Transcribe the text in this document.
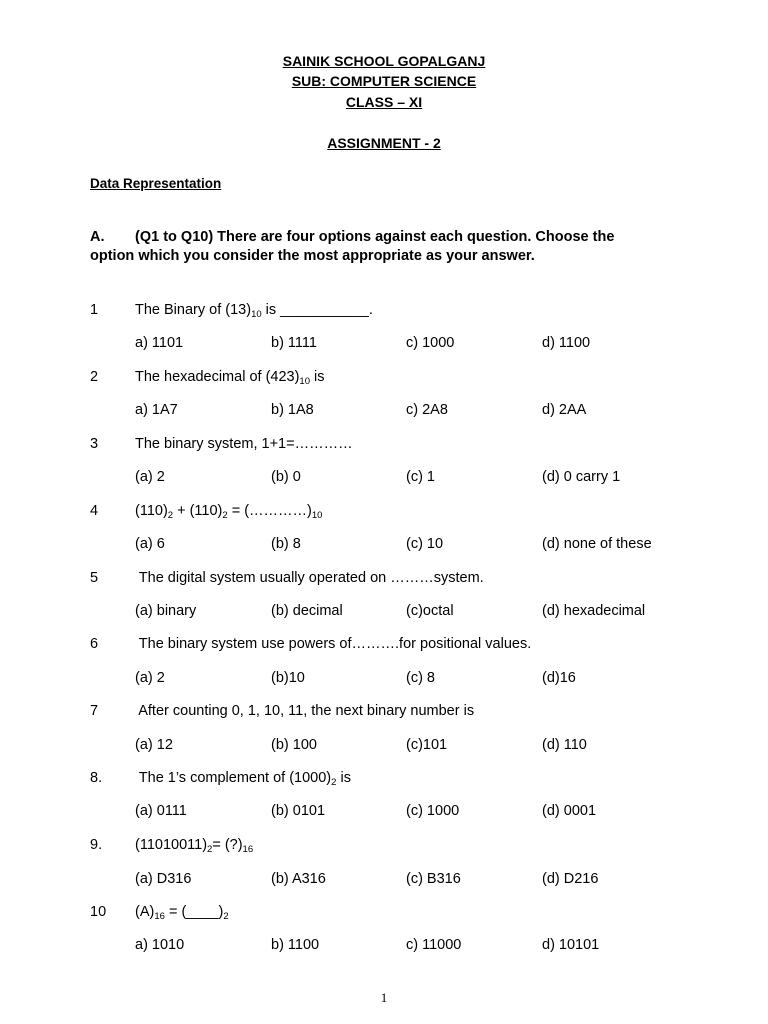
SAINIK SCHOOL GOPALGANJ
SUB: COMPUTER SCIENCE
CLASS – XI
ASSIGNMENT - 2
Data Representation
A. (Q1 to Q10) There are four options against each question. Choose the
option which you consider the most appropriate as your answer.
1	The Binary of $(13)_{10}$ is ___________.
a) 1101	b) 1111	c) 1000	d) 1100
2	The hexadecimal of $(423)_{10}$ is
a) 1A7	b) 1A8	c) 2A8	d) 2AA
3	The binary system, 1+1=…………
(a) 2	(b) 0	(c) 1	(d) 0 carry 1
4	$(110)_2 + (110)_2$ = $(\dots\dots\dots\dots)_{10}$
(a) 6	(b) 8	(c) 10	(d) none of these
5	The digital system usually operated on ………system.
(a) binary	(b) decimal	(c)octal	(d) hexadecimal
6	The binary system use powers of……….for positional values.
(a) 2	(b)10	(c) 8	(d)16
7	After counting 0, 1, 10, 11, the next binary number is
(a) 12	(b) 100	(c)101	(d) 110
8. The 1’s complement of $(1000)_2$ is
(a) 0111	(b) 0101	(c) 1000	(d) 0001
9. $(11010011)_2=$ $(?)_{16}$
(a) D316	(b) A316	(c) B316	(d) D216
10 $(A)_{16}$ = $(\_\_\_\_)_2$
a) 1010	b) 1100	c) 11000	d) 10101
1
